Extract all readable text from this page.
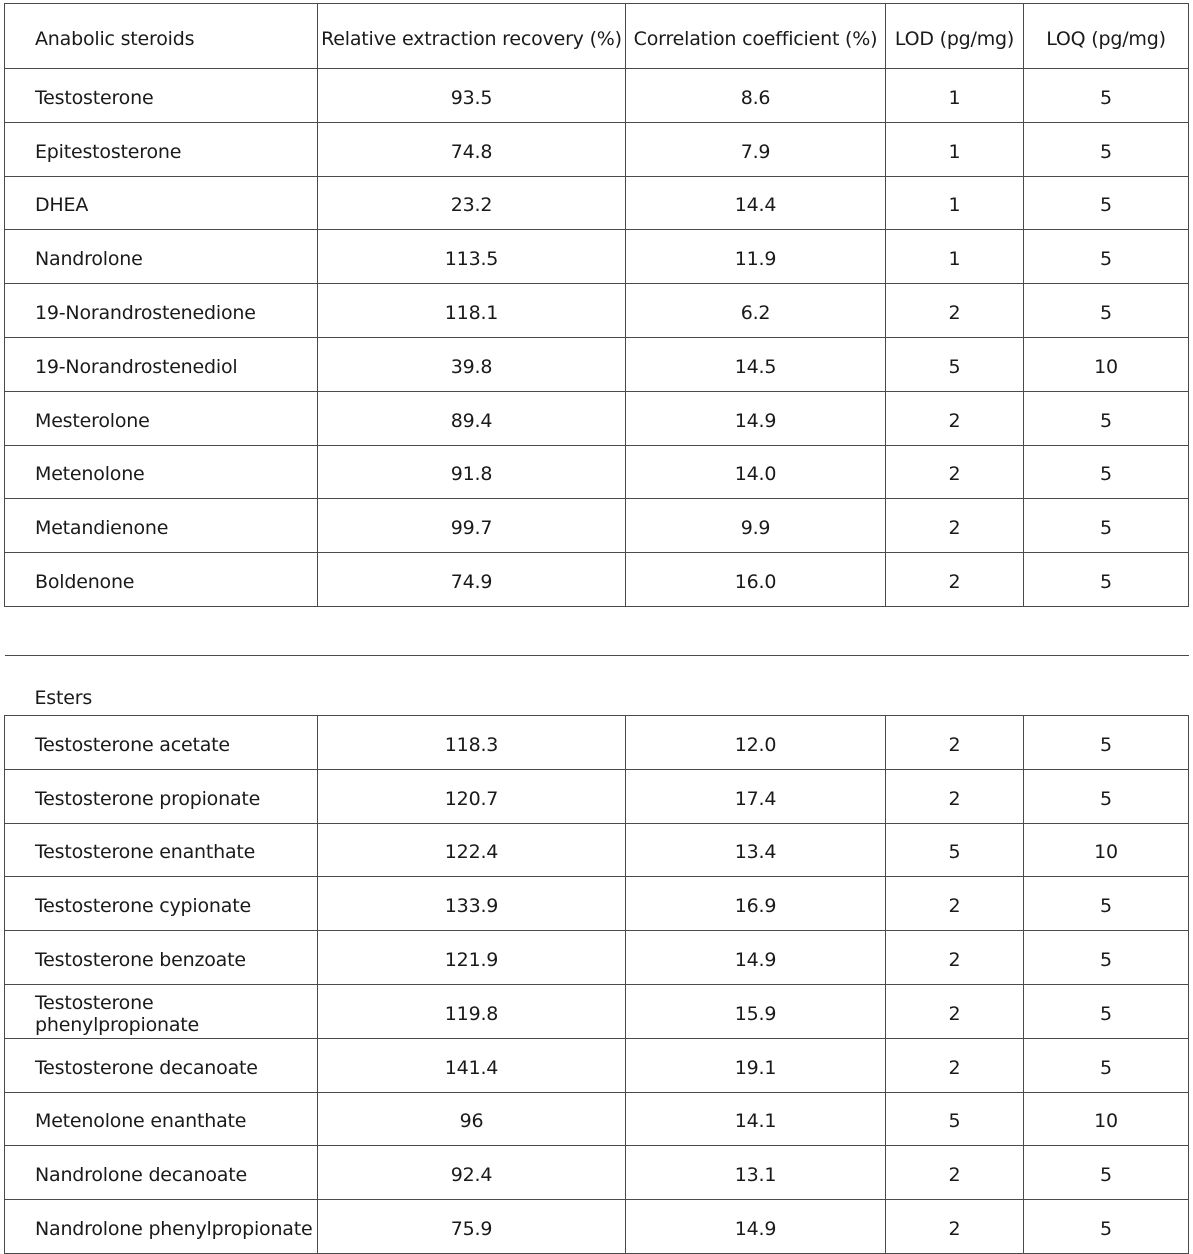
Anabolic steroids	Relative extraction recovery (%)	Correlation coefficient (%)	LOD (pg/mg)	LOQ (pg/mg)
Testosterone	93.5	8.6	1	5
Epitestosterone	74.8	7.9	1	5
DHEA	23.2	14.4	1	5
Nandrolone	113.5	11.9	1	5
19-Norandrostenedione	118.1	6.2	2	5
19-Norandrostenediol	39.8	14.5	5	10
Mesterolone	89.4	14.9	2	5
Metenolone	91.8	14.0	2	5
Metandienone	99.7	9.9	2	5
Boldenone	74.9	16.0	2	5

Esters				
Testosterone acetate	118.3	12.0	2	5
Testosterone propionate	120.7	17.4	2	5
Testosterone enanthate	122.4	13.4	5	10
Testosterone cypionate	133.9	16.9	2	5
Testosterone benzoate	121.9	14.9	2	5
Testosterone phenylpropionate	119.8	15.9	2	5
Testosterone decanoate	141.4	19.1	2	5
Metenolone enanthate	96	14.1	5	10
Nandrolone decanoate	92.4	13.1	2	5
Nandrolone phenylpropionate	75.9	14.9	2	5
